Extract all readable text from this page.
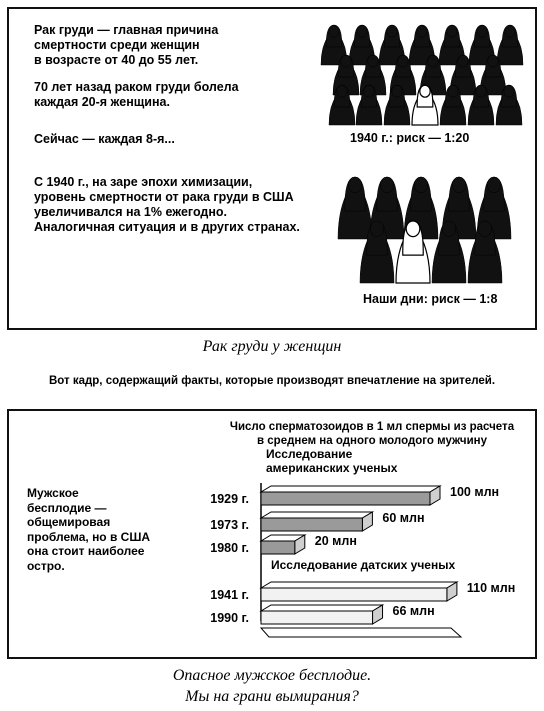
Рак груди — главная причина
смертности среди женщин
в возрасте от 40 до 55 лет.
70 лет назад раком груди болела
каждая 20-я женщина.
Сейчас — каждая 8-я...
С 1940 г., на заре эпохи химизации,
уровень смертности от рака груди в США
увеличивался на 1% ежегодно.
Аналогичная ситуация и в других странах.
1940 г.: риск — 1:20
Наши дни: риск — 1:8
Рак груди у женщин
Вот кадр, содержащий факты, которые производят впечатление на зрителей.
Число сперматозоидов в 1 мл спермы из расчета
в среднем на одного молодого мужчину
Мужское
бесплодие —
общемировая
проблема, но в США
она стоит наиболее
остро.
Исследование
американских ученых
Исследование датских ученых
1929 г.	100 млн
1973 г.	60 млн
1980 г.	20 млн
1941 г.	110 млн
1990 г.	66 млн
Опасное мужское бесплодие.
Мы на грани вымирания?
